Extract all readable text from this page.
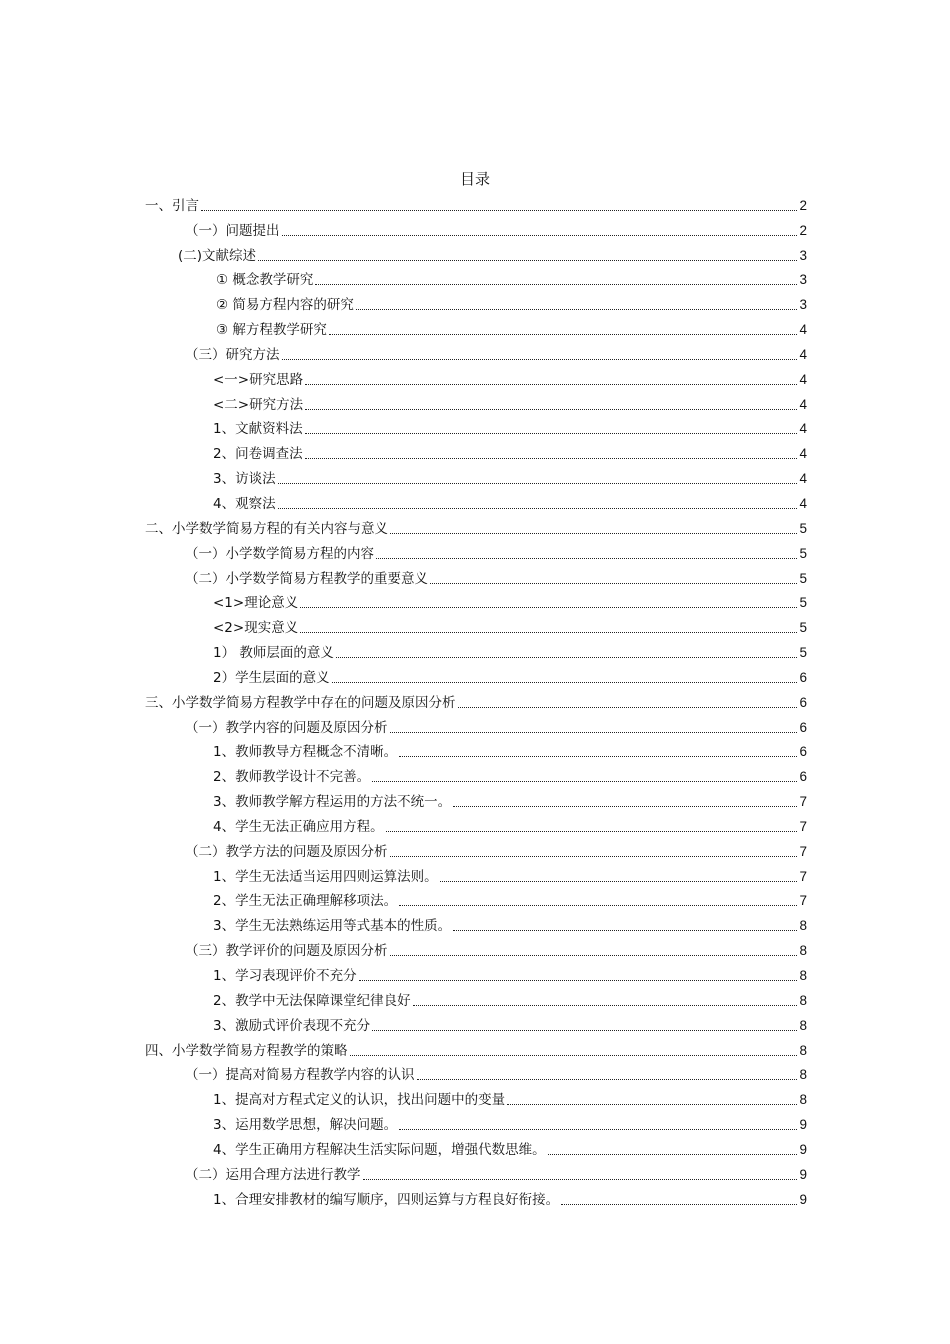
目录
一、引言	2
（一）问题提出	2
(二)文献综述	3
① 概念教学研究	3
② 简易方程内容的研究	3
③ 解方程教学研究	4
（三）研究方法	4
<一>研究思路	4
<二>研究方法	4
1、文献资料法	4
2、问卷调查法	4
3、访谈法	4
4、观察法	4
二、小学数学简易方程的有关内容与意义	5
（一）小学数学简易方程的内容	5
（二）小学数学简易方程教学的重要意义	5
<1>理论意义	5
<2>现实意义	5
1） 教师层面的意义	5
2）学生层面的意义	6
三、小学数学简易方程教学中存在的问题及原因分析	6
（一）教学内容的问题及原因分析	6
1、教师教导方程概念不清晰。	6
2、教师教学设计不完善。	6
3、教师教学解方程运用的方法不统一。	7
4、学生无法正确应用方程。	7
（二）教学方法的问题及原因分析	7
1、学生无法适当运用四则运算法则。	7
2、学生无法正确理解移项法。	7
3、学生无法熟练运用等式基本的性质。	8
（三）教学评价的问题及原因分析	8
1、学习表现评价不充分	8
2、教学中无法保障课堂纪律良好	8
3、激励式评价表现不充分	8
四、小学数学简易方程教学的策略	8
（一）提高对简易方程教学内容的认识	8
1、提高对方程式定义的认识，找出问题中的变量	8
3、运用数学思想，解决问题。	9
4、学生正确用方程解决生活实际问题，增强代数思维。	9
（二）运用合理方法进行教学	9
1、合理安排教材的编写顺序，四则运算与方程良好衔接。	9
